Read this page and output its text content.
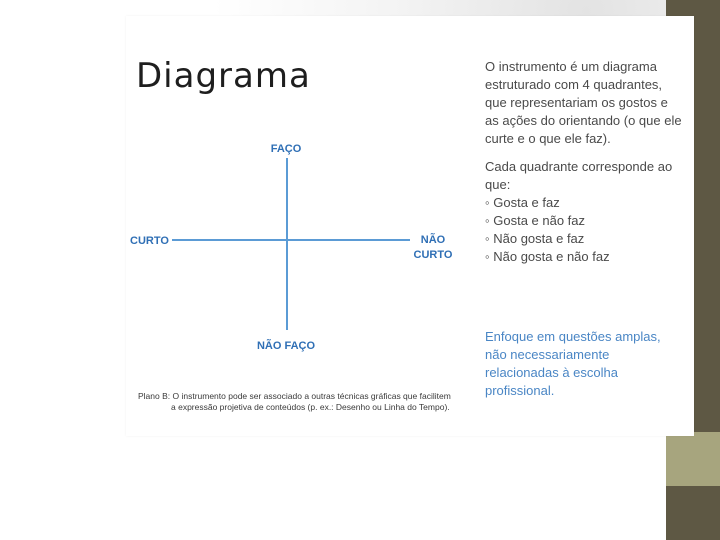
Diagrama
FAÇO
NÃO FAÇO
CURTO	NÃO
CURTO
Plano B: O instrumento pode ser associado a outras técnicas gráficas que facilitem
a expressão projetiva de conteúdos (p. ex.: Desenho ou Linha do Tempo).

O instrumento é um diagrama estruturado com 4 quadrantes, que representariam os gostos e as ações do orientando (o que ele curte e o que ele faz).

Cada quadrante corresponde ao que:

◦ Gosta e faz
◦ Gosta e não faz
◦ Não gosta e faz
◦ Não gosta e não faz
Enfoque em questões amplas, não necessariamente relacionadas à escolha profissional.
